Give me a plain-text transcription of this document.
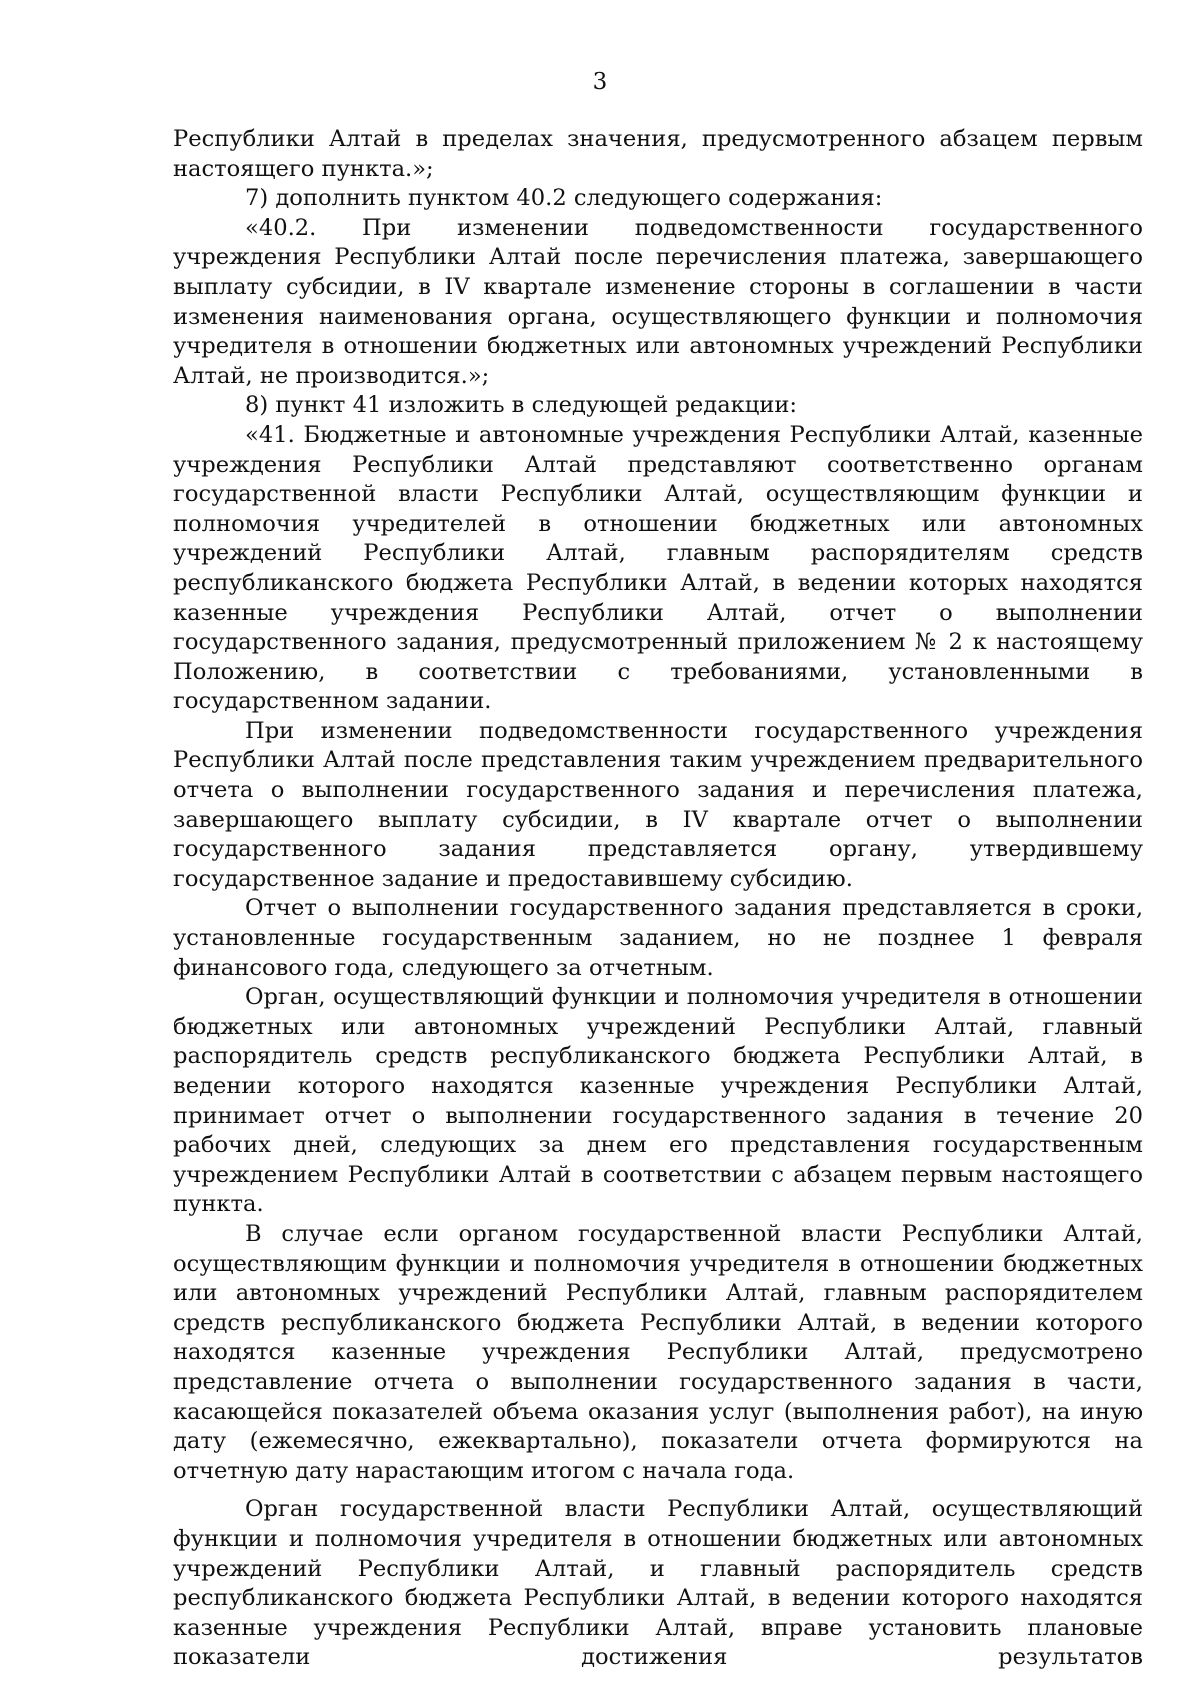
3

Республики Алтай в пределах значения, предусмотренного абзацем первым настоящего пункта.»;

7) дополнить пунктом 40.2 следующего содержания:

«40.2. При изменении подведомственности государственного учреждения Республики Алтай после перечисления платежа, завершающего выплату субсидии, в IV квартале изменение стороны в соглашении в части изменения наименования органа, осуществляющего функции и полномочия учредителя в отношении бюджетных или автономных учреждений Республики Алтай, не производится.»;

8) пункт 41 изложить в следующей редакции:

«41. Бюджетные и автономные учреждения Республики Алтай, казенные учреждения Республики Алтай представляют соответственно органам государственной власти Республики Алтай, осуществляющим функции и полномочия учредителей в отношении бюджетных или автономных учреждений Республики Алтай, главным распорядителям средств республиканского бюджета Республики Алтай, в ведении которых находятся казенные учреждения Республики Алтай, отчет о выполнении государственного задания, предусмотренный приложением № 2 к настоящему Положению, в соответствии с требованиями, установленными в государственном задании.

При изменении подведомственности государственного учреждения Республики Алтай после представления таким учреждением предварительного отчета о выполнении государственного задания и перечисления платежа, завершающего выплату субсидии, в IV квартале отчет о выполнении государственного задания представляется органу, утвердившему государственное задание и предоставившему субсидию.

Отчет о выполнении государственного задания представляется в сроки, установленные государственным заданием, но не позднее 1 февраля финансового года, следующего за отчетным.

Орган, осуществляющий функции и полномочия учредителя в отношении бюджетных или автономных учреждений Республики Алтай, главный распорядитель средств республиканского бюджета Республики Алтай, в ведении которого находятся казенные учреждения Республики Алтай, принимает отчет о выполнении государственного задания в течение 20 рабочих дней, следующих за днем его представления государственным учреждением Республики Алтай в соответствии с абзацем первым настоящего пункта.

В случае если органом государственной власти Республики Алтай, осуществляющим функции и полномочия учредителя в отношении бюджетных или автономных учреждений Республики Алтай, главным распорядителем средств республиканского бюджета Республики Алтай, в ведении которого находятся казенные учреждения Республики Алтай, предусмотрено представление отчета о выполнении государственного задания в части, касающейся показателей объема оказания услуг (выполнения работ), на иную дату (ежемесячно, ежеквартально), показатели отчета формируются на отчетную дату нарастающим итогом с начала года.

Орган государственной власти Республики Алтай, осуществляющий функции и полномочия учредителя в отношении бюджетных или автономных учреждений Республики Алтай, и главный распорядитель средств республиканского бюджета Республики Алтай, в ведении которого находятся казенные учреждения Республики Алтай, вправе установить плановые показатели достижения результатов
